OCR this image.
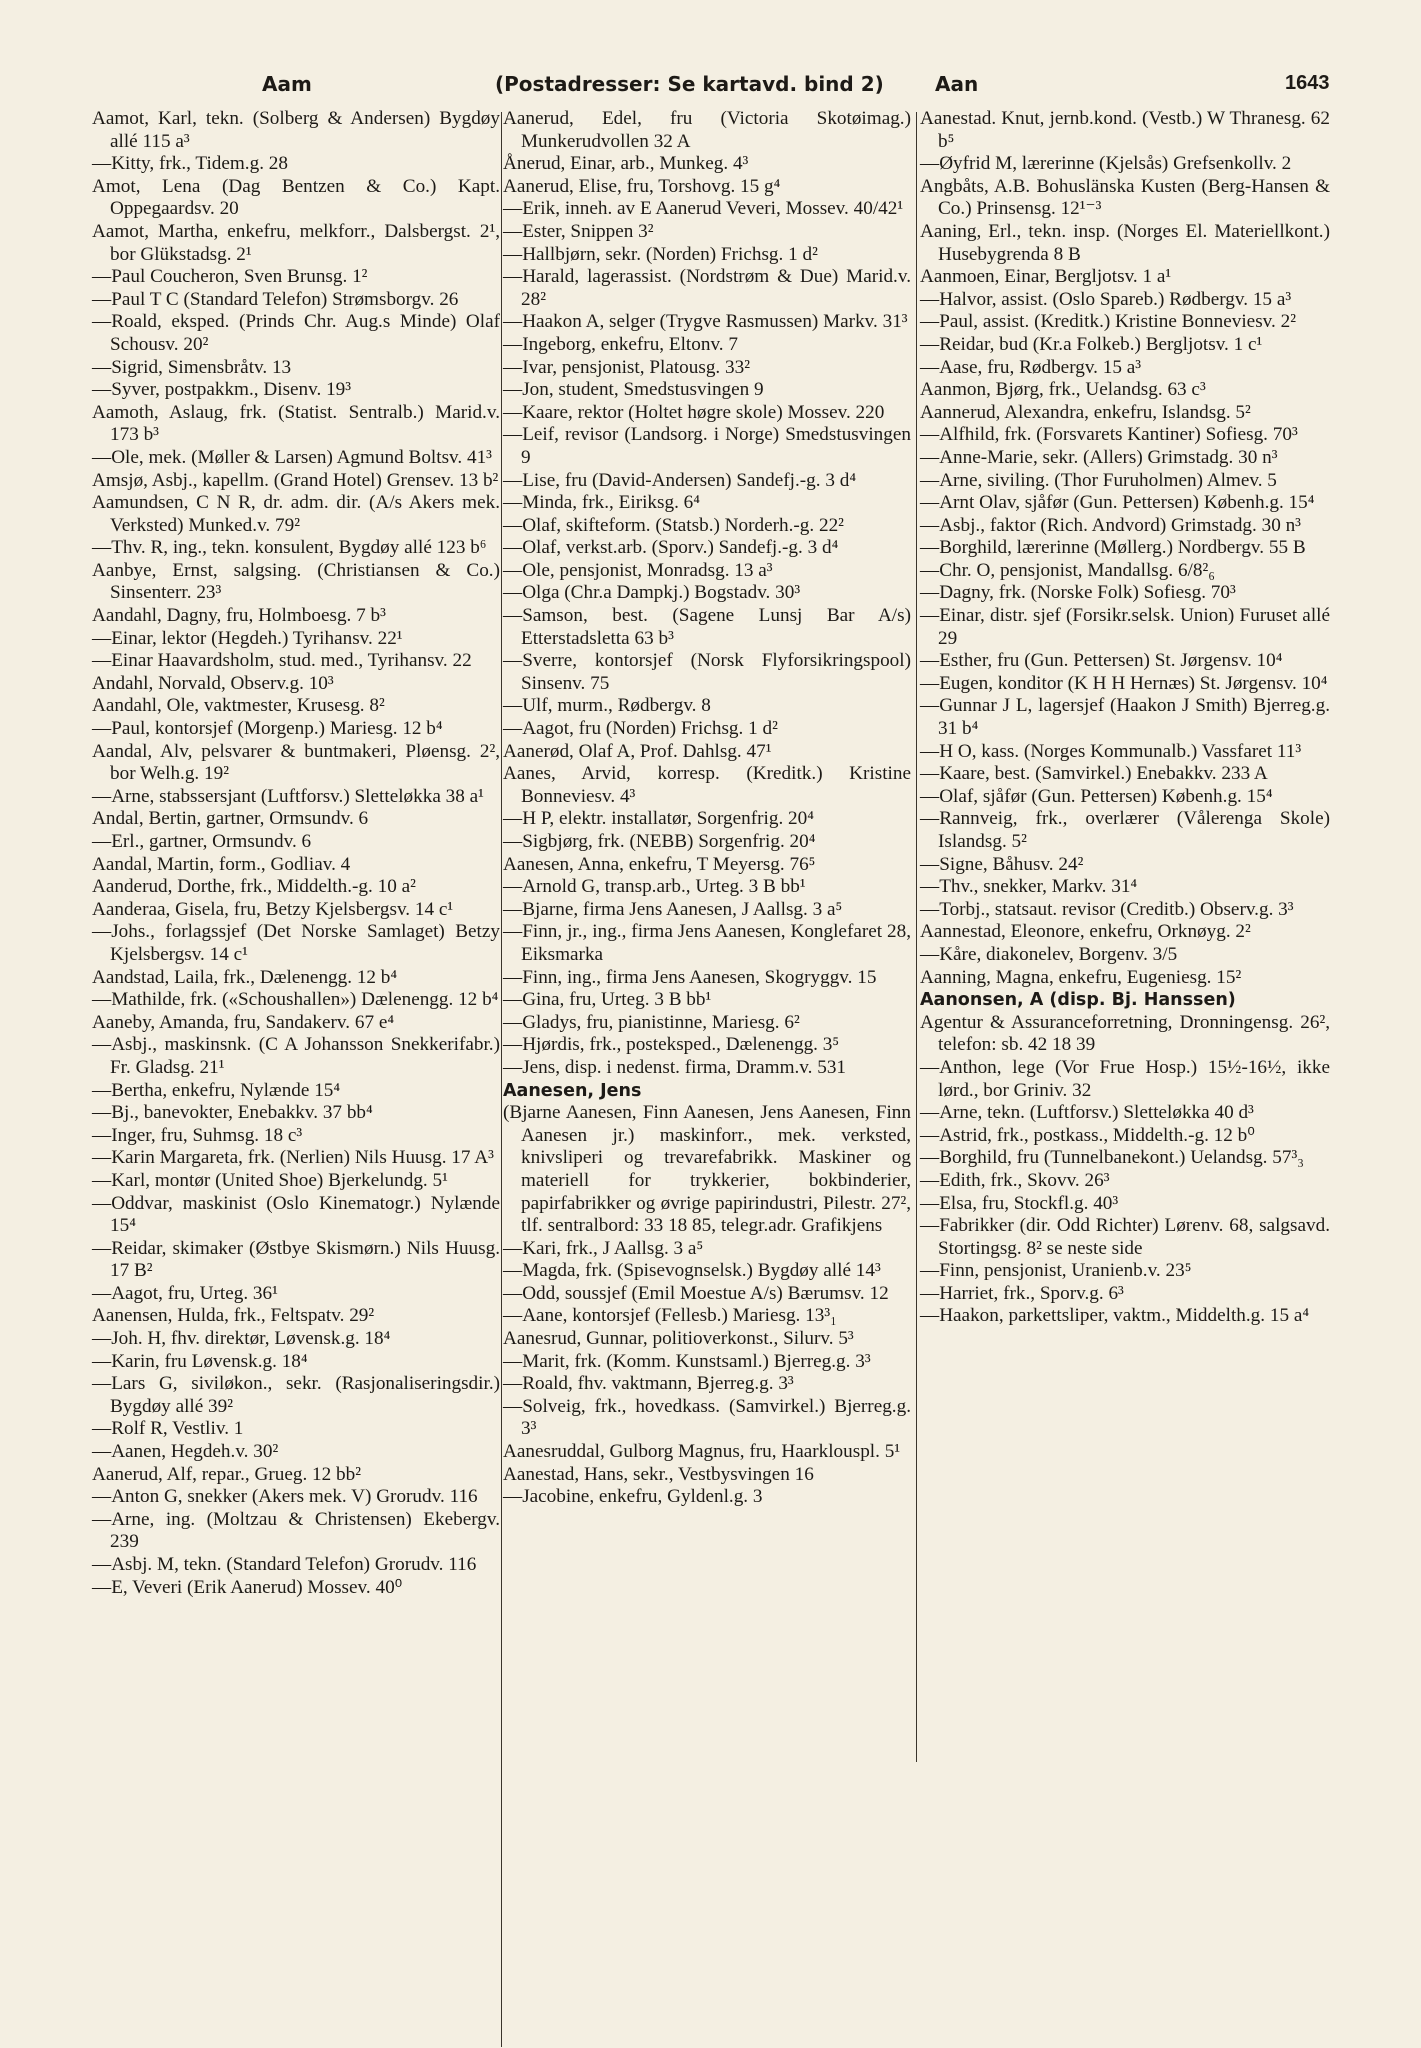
Aam	(Postadresser: Se kartavd. bind 2)	Aan	1643

Aamot, Karl, tekn. (Solberg & Andersen) Bygdøy allé 115 a³

—Kitty, frk., Tidem.g. 28

Amot, Lena (Dag Bentzen & Co.) Kapt. Oppegaardsv. 20

Aamot, Martha, enkefru, melkforr., Dalsbergst. 2¹, bor Glükstadsg. 2¹

—Paul Coucheron, Sven Brunsg. 1²

—Paul T C (Standard Telefon) Strømsborgv. 26

—Roald, eksped. (Prinds Chr. Aug.s Minde) Olaf Schousv. 20²

—Sigrid, Simensbråtv. 13

—Syver, postpakkm., Disenv. 19³

Aamoth, Aslaug, frk. (Statist. Sentralb.) Marid.v. 173 b³

—Ole, mek. (Møller & Larsen) Agmund Boltsv. 41³

Amsjø, Asbj., kapellm. (Grand Hotel) Grensev. 13 b²

Aamundsen, C N R, dr. adm. dir. (A/s Akers mek. Verksted) Munked.v. 79²

—Thv. R, ing., tekn. konsulent, Bygdøy allé 123 b⁶

Aanbye, Ernst, salgsing. (Christiansen & Co.) Sinsenterr. 23³

Aandahl, Dagny, fru, Holmboesg. 7 b³

—Einar, lektor (Hegdeh.) Tyrihansv. 22¹

—Einar Haavardsholm, stud. med., Tyrihansv. 22

Andahl, Norvald, Observ.g. 10³

Aandahl, Ole, vaktmester, Krusesg. 8²

—Paul, kontorsjef (Morgenp.) Mariesg. 12 b⁴

Aandal, Alv, pelsvarer & buntmakeri, Pløensg. 2², bor Welh.g. 19²

—Arne, stabssersjant (Luftforsv.) Sletteløkka 38 a¹

Andal, Bertin, gartner, Ormsundv. 6

—Erl., gartner, Ormsundv. 6

Aandal, Martin, form., Godliav. 4

Aanderud, Dorthe, frk., Middelth.-g. 10 a²

Aanderaa, Gisela, fru, Betzy Kjelsbergsv. 14 c¹

—Johs., forlagssjef (Det Norske Samlaget) Betzy Kjelsbergsv. 14 c¹

Aandstad, Laila, frk., Dælenengg. 12 b⁴

—Mathilde, frk. («Schoushallen») Dælenengg. 12 b⁴

Aaneby, Amanda, fru, Sandakerv. 67 e⁴

—Asbj., maskinsnk. (C A Johansson Snekkerifabr.) Fr. Gladsg. 21¹

—Bertha, enkefru, Nylænde 15⁴

—Bj., banevokter, Enebakkv. 37 bb⁴

—Inger, fru, Suhmsg. 18 c³

—Karin Margareta, frk. (Nerlien) Nils Huusg. 17 A³

—Karl, montør (United Shoe) Bjerkelundg. 5¹

—Oddvar, maskinist (Oslo Kinematogr.) Nylænde 15⁴

—Reidar, skimaker (Østbye Skismørn.) Nils Huusg. 17 B²

—Aagot, fru, Urteg. 36¹

Aanensen, Hulda, frk., Feltspatv. 29²

—Joh. H, fhv. direktør, Løvensk.g. 18⁴

—Karin, fru Løvensk.g. 18⁴

—Lars G, siviløkon., sekr. (Rasjonaliseringsdir.) Bygdøy allé 39²

—Rolf R, Vestliv. 1

—Aanen, Hegdeh.v. 30²

Aanerud, Alf, repar., Grueg. 12 bb²

—Anton G, snekker (Akers mek. V) Grorudv. 116

—Arne, ing. (Moltzau & Christensen) Ekebergv. 239

—Asbj. M, tekn. (Standard Telefon) Grorudv. 116

—E, Veveri (Erik Aanerud) Mossev. 40⁰

Aanerud, Edel, fru (Victoria Skotøimag.) Munkerudvollen 32 A

Ånerud, Einar, arb., Munkeg. 4³

Aanerud, Elise, fru, Torshovg. 15 g⁴

—Erik, inneh. av E Aanerud Veveri, Mossev. 40/42¹

—Ester, Snippen 3²

—Hallbjørn, sekr. (Norden) Frichsg. 1 d²

—Harald, lagerassist. (Nordstrøm & Due) Marid.v. 28²

—Haakon A, selger (Trygve Rasmussen) Markv. 31³

—Ingeborg, enkefru, Eltonv. 7

—Ivar, pensjonist, Platousg. 33²

—Jon, student, Smedstusvingen 9

—Kaare, rektor (Holtet høgre skole) Mossev. 220

—Leif, revisor (Landsorg. i Norge) Smedstusvingen 9

—Lise, fru (David-Andersen) Sandefj.-g. 3 d⁴

—Minda, frk., Eiriksg. 6⁴

—Olaf, skifteform. (Statsb.) Norderh.-g. 22²

—Olaf, verkst.arb. (Sporv.) Sandefj.-g. 3 d⁴

—Ole, pensjonist, Monradsg. 13 a³

—Olga (Chr.a Dampkj.) Bogstadv. 30³

—Samson, best. (Sagene Lunsj Bar A/s) Etterstadsletta 63 b³

—Sverre, kontorsjef (Norsk Flyforsikringspool) Sinsenv. 75

—Ulf, murm., Rødbergv. 8

—Aagot, fru (Norden) Frichsg. 1 d²

Aanerød, Olaf A, Prof. Dahlsg. 47¹

Aanes, Arvid, korresp. (Kreditk.) Kristine Bonneviesv. 4³

—H P, elektr. installatør, Sorgenfrig. 20⁴

—Sigbjørg, frk. (NEBB) Sorgenfrig. 20⁴

Aanesen, Anna, enkefru, T Meyersg. 76⁵

—Arnold G, transp.arb., Urteg. 3 B bb¹

—Bjarne, firma Jens Aanesen, J Aallsg. 3 a⁵

—Finn, jr., ing., firma Jens Aanesen, Konglefaret 28, Eiksmarka

—Finn, ing., firma Jens Aanesen, Skogryggv. 15

—Gina, fru, Urteg. 3 B bb¹

—Gladys, fru, pianistinne, Mariesg. 6²

—Hjørdis, frk., posteksped., Dælenengg. 3⁵

—Jens, disp. i nedenst. firma, Dramm.v. 531

Aanesen, Jens

(Bjarne Aanesen, Finn Aanesen, Jens Aanesen, Finn Aanesen jr.) maskinforr., mek. verksted, knivsliperi og trevarefabrikk. Maskiner og materiell for trykkerier, bokbinderier, papirfabrikker og øvrige papirindustri, Pilestr. 27², tlf. sentralbord: 33 18 85, telegr.adr. Grafikjens

—Kari, frk., J Aallsg. 3 a⁵

—Magda, frk. (Spisevognselsk.) Bygdøy allé 14³

—Odd, soussjef (Emil Moestue A/s) Bærumsv. 12

—Aane, kontorsjef (Fellesb.) Mariesg. 13³₁

Aanesrud, Gunnar, politioverkonst., Silurv. 5³

—Marit, frk. (Komm. Kunstsaml.) Bjerreg.g. 3³

—Roald, fhv. vaktmann, Bjerreg.g. 3³

—Solveig, frk., hovedkass. (Samvirkel.) Bjerreg.g. 3³

Aanesruddal, Gulborg Magnus, fru, Haarklouspl. 5¹

Aanestad, Hans, sekr., Vestbysvingen 16

—Jacobine, enkefru, Gyldenl.g. 3

Aanestad. Knut, jernb.kond. (Vestb.) W Thranesg. 62 b⁵

—Øyfrid M, lærerinne (Kjelsås) Grefsenkollv. 2

Angbåts, A.B. Bohuslänska Kusten (Berg-Hansen & Co.) Prinsensg. 12¹⁻³

Aaning, Erl., tekn. insp. (Norges El. Materiellkont.) Husebygrenda 8 B

Aanmoen, Einar, Bergljotsv. 1 a¹

—Halvor, assist. (Oslo Spareb.) Rødbergv. 15 a³

—Paul, assist. (Kreditk.) Kristine Bonneviesv. 2²

—Reidar, bud (Kr.a Folkeb.) Bergljotsv. 1 c¹

—Aase, fru, Rødbergv. 15 a³

Aanmon, Bjørg, frk., Uelandsg. 63 c³

Aannerud, Alexandra, enkefru, Islandsg. 5²

—Alfhild, frk. (Forsvarets Kantiner) Sofiesg. 70³

—Anne-Marie, sekr. (Allers) Grimstadg. 30 n³

—Arne, siviling. (Thor Furuholmen) Almev. 5

—Arnt Olav, sjåfør (Gun. Pettersen) Københ.g. 15⁴

—Asbj., faktor (Rich. Andvord) Grimstadg. 30 n³

—Borghild, lærerinne (Møllerg.) Nordbergv. 55 B

—Chr. O, pensjonist, Mandallsg. 6/8²₆

—Dagny, frk. (Norske Folk) Sofiesg. 70³

—Einar, distr. sjef (Forsikr.selsk. Union) Furuset allé 29

—Esther, fru (Gun. Pettersen) St. Jørgensv. 10⁴

—Eugen, konditor (K H H Hernæs) St. Jørgensv. 10⁴

—Gunnar J L, lagersjef (Haakon J Smith) Bjerreg.g. 31 b⁴

—H O, kass. (Norges Kommunalb.) Vassfaret 11³

—Kaare, best. (Samvirkel.) Enebakkv. 233 A

—Olaf, sjåfør (Gun. Pettersen) Københ.g. 15⁴

—Rannveig, frk., overlærer (Vålerenga Skole) Islandsg. 5²

—Signe, Båhusv. 24²

—Thv., snekker, Markv. 31⁴

—Torbj., statsaut. revisor (Creditb.) Observ.g. 3³

Aannestad, Eleonore, enkefru, Orknøyg. 2²

—Kåre, diakonelev, Borgenv. 3/5

Aanning, Magna, enkefru, Eugeniesg. 15²

Aanonsen, A (disp. Bj. Hanssen)

Agentur & Assuranceforretning, Dronningensg. 26², telefon: sb. 42 18 39

—Anthon, lege (Vor Frue Hosp.) 15½-16½, ikke lørd., bor Griniv. 32

—Arne, tekn. (Luftforsv.) Sletteløkka 40 d³

—Astrid, frk., postkass., Middelth.-g. 12 b⁰

—Borghild, fru (Tunnelbanekont.) Uelandsg. 57³₃

—Edith, frk., Skovv. 26³

—Elsa, fru, Stockfl.g. 40³

—Fabrikker (dir. Odd Richter) Lørenv. 68, salgsavd. Stortingsg. 8² se neste side

—Finn, pensjonist, Uranienb.v. 23⁵

—Harriet, frk., Sporv.g. 6³

—Haakon, parkettsliper, vaktm., Middelth.g. 15 a⁴
